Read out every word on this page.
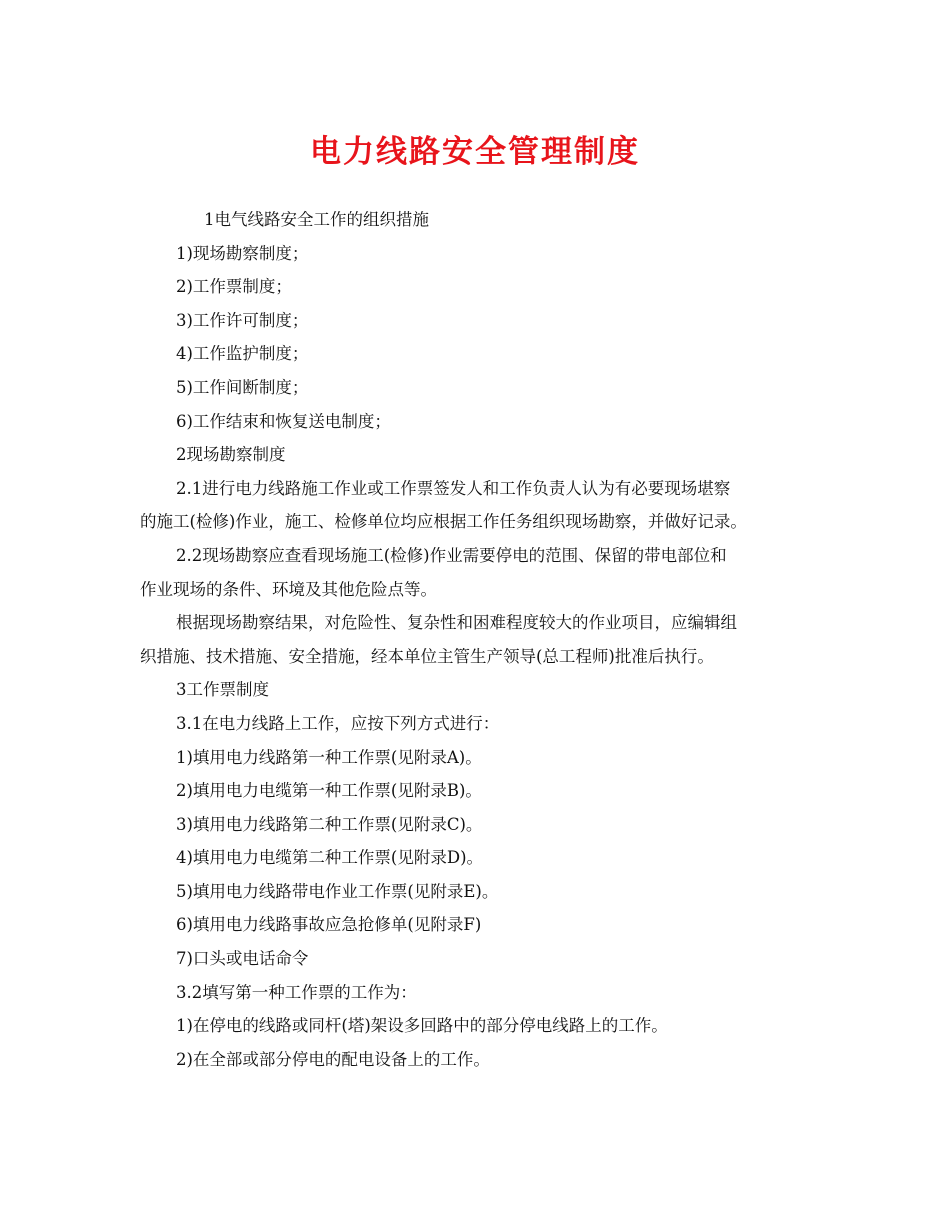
电力线路安全管理制度
1电气线路安全工作的组织措施
1)现场勘察制度；
2)工作票制度；
3)工作许可制度；
4)工作监护制度；
5)工作间断制度；
6)工作结束和恢复送电制度；
2现场勘察制度
2.1进行电力线路施工作业或工作票签发人和工作负责人认为有必要现场堪察
的施工(检修)作业，施工、检修单位均应根据工作任务组织现场勘察，并做好记录。
2.2现场勘察应查看现场施工(检修)作业需要停电的范围、保留的带电部位和
作业现场的条件、环境及其他危险点等。
根据现场勘察结果，对危险性、复杂性和困难程度较大的作业项目，应编辑组
织措施、技术措施、安全措施，经本单位主管生产领导(总工程师)批准后执行。
3工作票制度
3.1在电力线路上工作，应按下列方式进行：
1)填用电力线路第一种工作票(见附录A)。
2)填用电力电缆第一种工作票(见附录B)。
3)填用电力线路第二种工作票(见附录C)。
4)填用电力电缆第二种工作票(见附录D)。
5)填用电力线路带电作业工作票(见附录E)。
6)填用电力线路事故应急抢修单(见附录F)
7)口头或电话命令
3.2填写第一种工作票的工作为：
1)在停电的线路或同杆(塔)架设多回路中的部分停电线路上的工作。
2)在全部或部分停电的配电设备上的工作。
